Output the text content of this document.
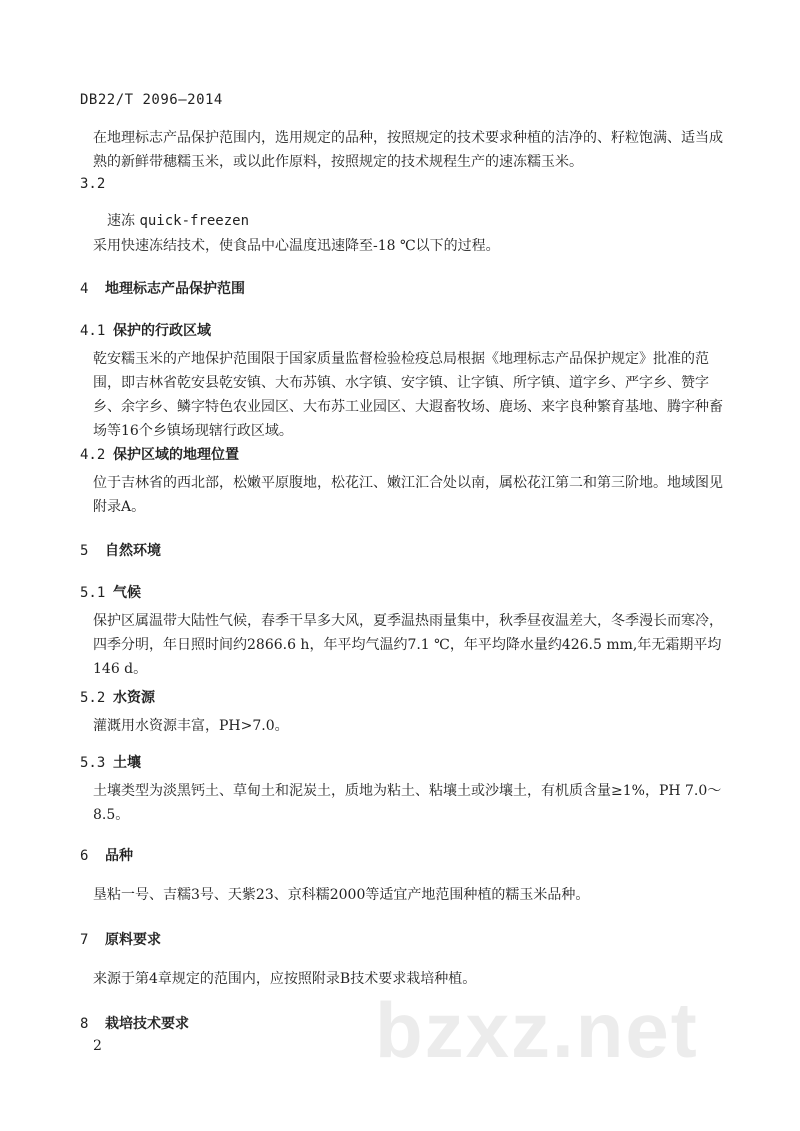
DB22/T 2096—2014
在地理标志产品保护范围内，选用规定的品种，按照规定的技术要求种植的洁净的、籽粒饱满、适当成熟的新鲜带穗糯玉米，或以此作原料，按照规定的技术规程生产的速冻糯玉米。
3.2
速冻 quick-freezen
采用快速冻结技术，使食品中心温度迅速降至-18 ℃以下的过程。
4 地理标志产品保护范围
4.1 保护的行政区域
乾安糯玉米的产地保护范围限于国家质量监督检验检疫总局根据《地理标志产品保护规定》批准的范围，即吉林省乾安县乾安镇、大布苏镇、水字镇、安字镇、让字镇、所字镇、道字乡、严字乡、赞字乡、余字乡、鳞字特色农业园区、大布苏工业园区、大遐畜牧场、鹿场、来字良种繁育基地、腾字种畜场等16个乡镇场现辖行政区域。
4.2 保护区域的地理位置
位于吉林省的西北部，松嫩平原腹地，松花江、嫩江汇合处以南，属松花江第二和第三阶地。地域图见附录A。
5 自然环境
5.1 气候
保护区属温带大陆性气候，春季干旱多大风，夏季温热雨量集中，秋季昼夜温差大，冬季漫长而寒冷，四季分明，年日照时间约2866.6 h，年平均气温约7.1 ℃，年平均降水量约426.5 mm,年无霜期平均146 d。
5.2 水资源
灌溉用水资源丰富，PH>7.0。
5.3 土壤
土壤类型为淡黑钙土、草甸土和泥炭土，质地为粘土、粘壤土或沙壤土，有机质含量≥1%，PH 7.0～8.5。
6 品种
垦粘一号、吉糯3号、天紫23、京科糯2000等适宜产地范围种植的糯玉米品种。
7 原料要求
来源于第4章规定的范围内，应按照附录B技术要求栽培种植。
8 栽培技术要求 bzxz.net
2
